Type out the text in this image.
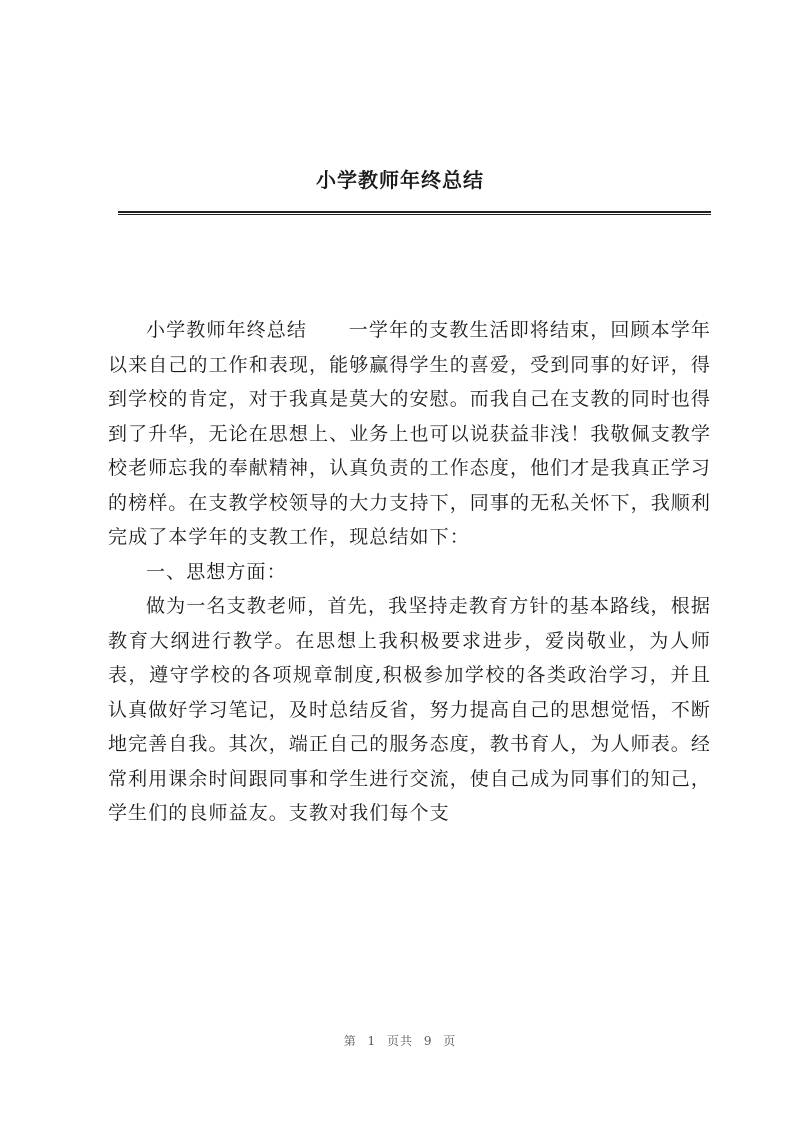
小学教师年终总结

小学教师年终总结 一学年的支教生活即将结束，回顾本学年以来自己的工作和表现，能够赢得学生的喜爱，受到同事的好评，得到学校的肯定，对于我真是莫大的安慰。而我自己在支教的同时也得到了升华，无论在思想上、业务上也可以说获益非浅！我敬佩支教学校老师忘我的奉献精神，认真负责的工作态度，他们才是我真正学习的榜样。在支教学校领导的大力支持下，同事的无私关怀下，我顺利完成了本学年的支教工作，现总结如下：

一、思想方面：

做为一名支教老师，首先，我坚持走教育方针的基本路线，根据教育大纲进行教学。在思想上我积极要求进步，爱岗敬业，为人师表，遵守学校的各项规章制度,积极参加学校的各类政治学习，并且认真做好学习笔记，及时总结反省，努力提高自己的思想觉悟，不断地完善自我。其次，端正自己的服务态度，教书育人，为人师表。经常利用课余时间跟同事和学生进行交流，使自己成为同事们的知己，学生们的良师益友。支教对我们每个支

第 1 页共 9 页
